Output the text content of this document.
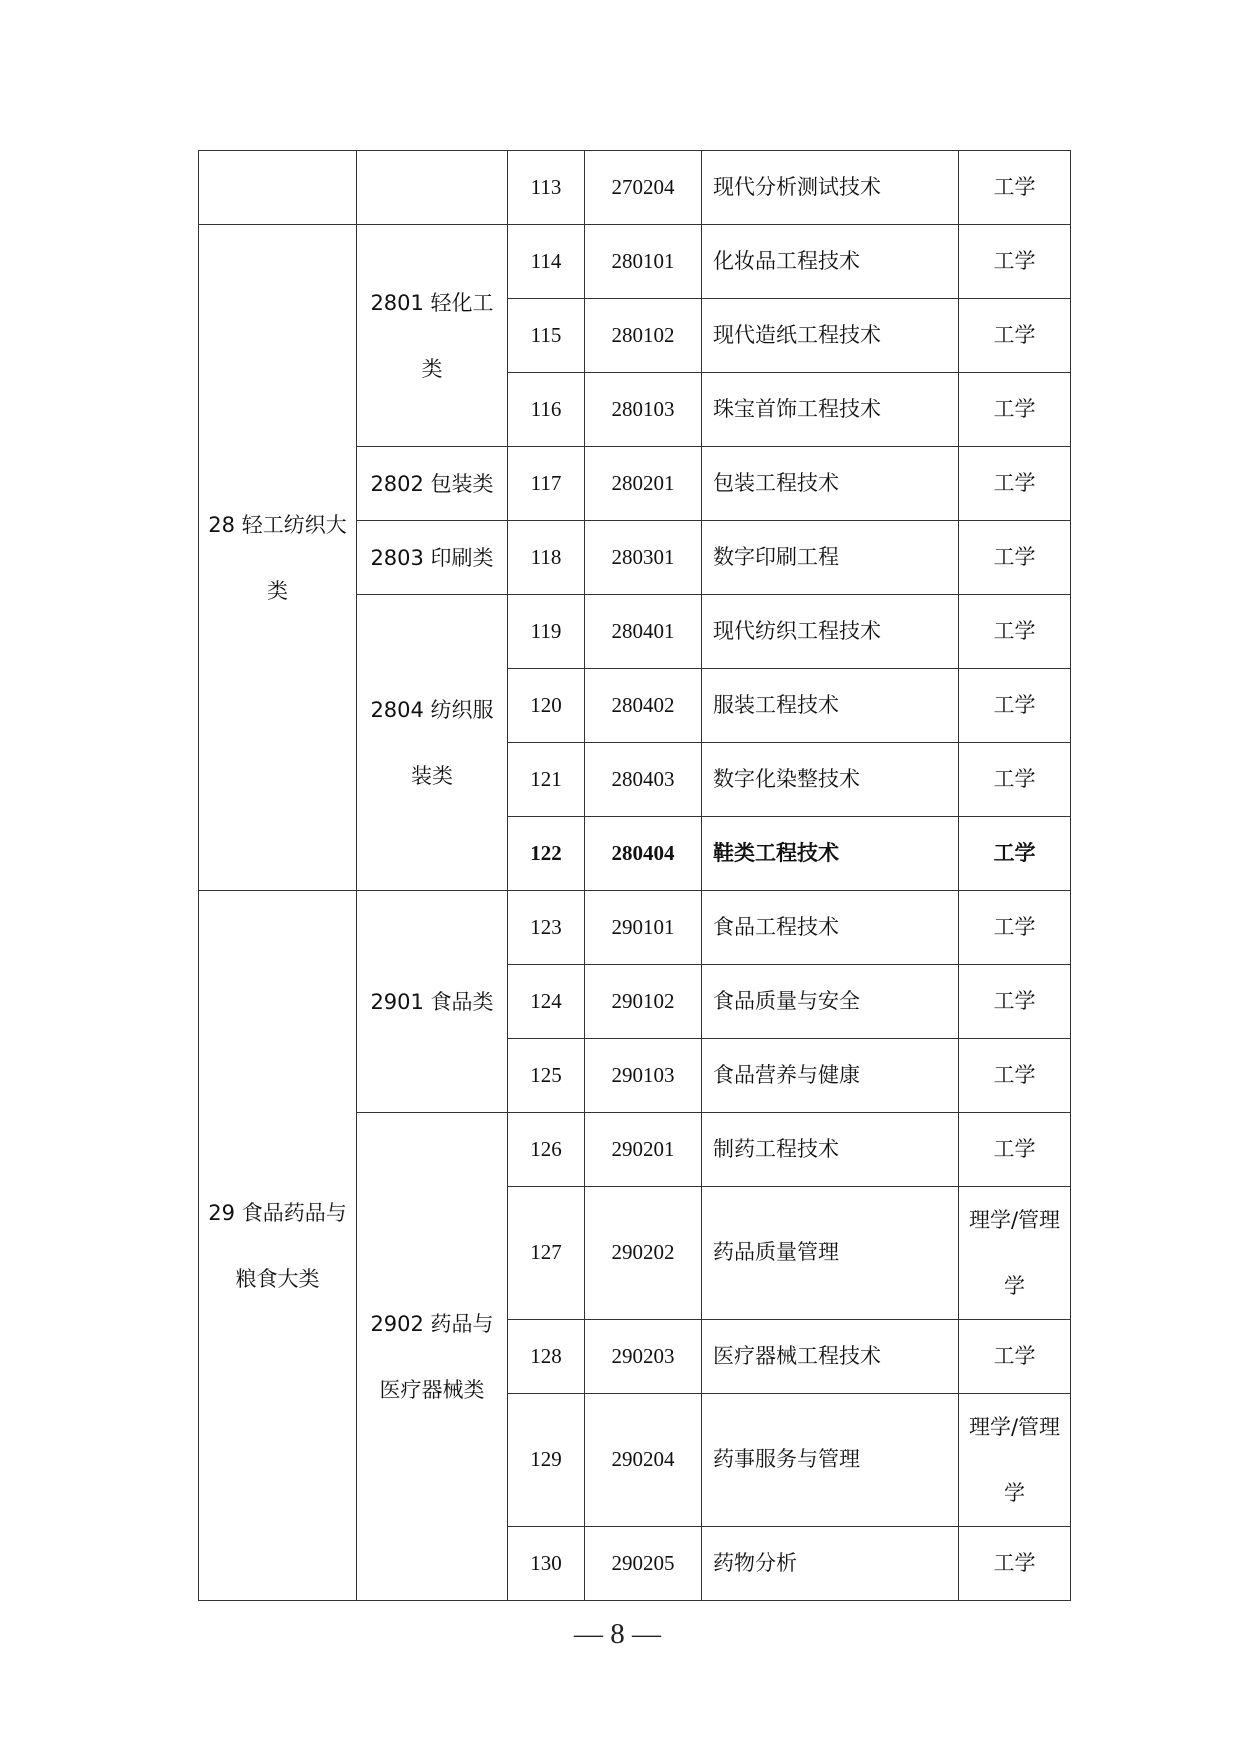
		113	270204	现代分析测试技术	工学
28 轻工纺织大类	2801 轻化工类	114	280101	化妆品工程技术	工学
		115	280102	现代造纸工程技术	工学
		116	280103	珠宝首饰工程技术	工学
	2802 包装类	117	280201	包装工程技术	工学
	2803 印刷类	118	280301	数字印刷工程	工学
	2804 纺织服装类	119	280401	现代纺织工程技术	工学
		120	280402	服装工程技术	工学
		121	280403	数字化染整技术	工学
		122	280404	鞋类工程技术	工学
29 食品药品与粮食大类	2901 食品类	123	290101	食品工程技术	工学
		124	290102	食品质量与安全	工学
		125	290103	食品营养与健康	工学
	2902 药品与医疗器械类	126	290201	制药工程技术	工学
		127	290202	药品质量管理	理学/管理学
		128	290203	医疗器械工程技术	工学
		129	290204	药事服务与管理	理学/管理学
		130	290205	药物分析	工学
— 8 —
